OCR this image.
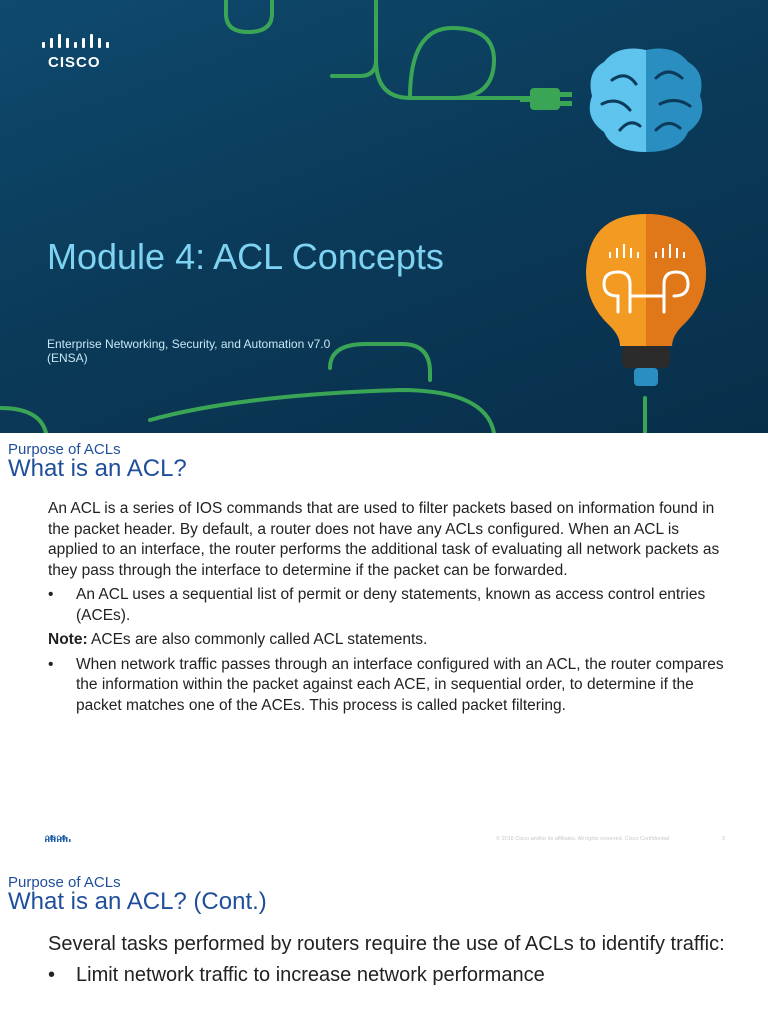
CISCO
Module 4: ACL Concepts
Enterprise Networking, Security, and Automation v7.0
(ENSA)
Purpose of ACLs
What is an ACL?

An ACL is a series of IOS commands that are used to filter packets based on information found in the packet header. By default, a router does not have any ACLs configured. When an ACL is applied to an interface, the router performs the additional task of evaluating all network packets as they pass through the interface to determine if the packet can be forwarded.

• An ACL uses a sequential list of permit or deny statements, known as access control entries (ACEs).

Note: ACEs are also commonly called ACL statements.

• When network traffic passes through an interface configured with an ACL, the router compares the information within the packet against each ACE, in sequential order, to determine if the packet matches one of the ACEs. This process is called packet filtering.
CISCO	© 2016 Cisco and/or its affiliates. All rights reserved. Cisco Confidential	3
Purpose of ACLs
What is an ACL? (Cont.)

Several tasks performed by routers require the use of ACLs to identify traffic:

• Limit network traffic to increase network performance
